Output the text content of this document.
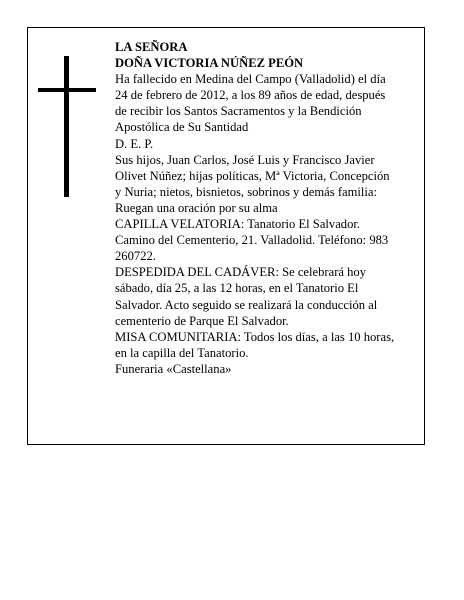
LA SEÑORA
DOÑA VICTORIA NÚÑEZ PEÓN
Ha fallecido en Medina del Campo (Valladolid) el día
24 de febrero de 2012, a los 89 años de edad, después
de recibir los Santos Sacramentos y la Bendición
Apostólica de Su Santidad
D. E. P.
Sus hijos, Juan Carlos, José Luis y Francisco Javier
Olivet Núñez; hijas políticas, Mª Victoria, Concepción
y Nuria; nietos, bisnietos, sobrinos y demás familia:
Ruegan una oración por su alma
CAPILLA VELATORIA: Tanatorio El Salvador.
Camino del Cementerio, 21. Valladolid. Teléfono: 983
260722.
DESPEDIDA DEL CADÁVER: Se celebrará hoy
sábado, día 25, a las 12 horas, en el Tanatorio El
Salvador. Acto seguido se realizará la conducción al
cementerio de Parque El Salvador.
MISA COMUNITARIA: Todos los días, a las 10 horas,
en la capilla del Tanatorio.
Funeraria «Castellana»
